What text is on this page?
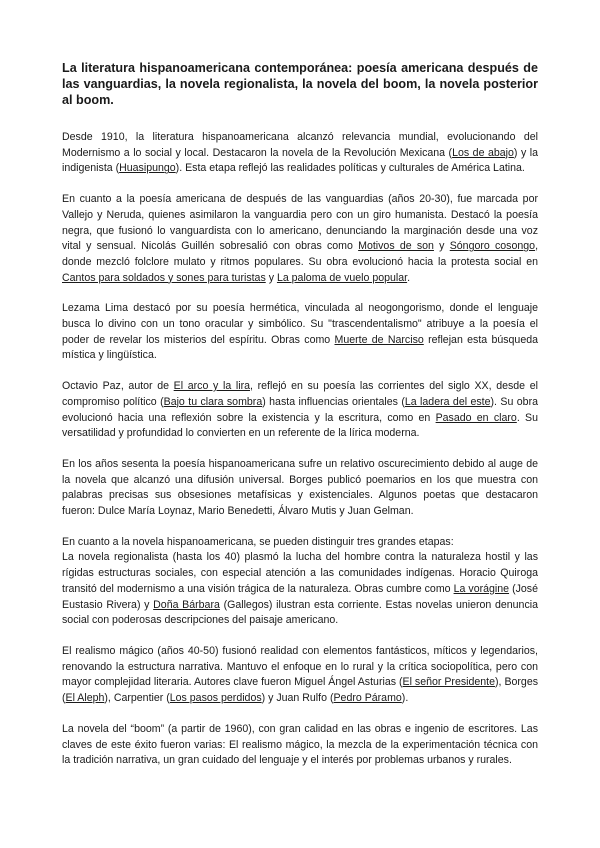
La literatura hispanoamericana contemporánea: poesía americana después de las vanguardias, la novela regionalista, la novela del boom, la novela posterior al boom.

Desde 1910, la literatura hispanoamericana alcanzó relevancia mundial, evolucionando del Modernismo a lo social y local. Destacaron la novela de la Revolución Mexicana (Los de abajo) y la indigenista (Huasipungo). Esta etapa reflejó las realidades políticas y culturales de América Latina.

En cuanto a la poesía americana de después de las vanguardias (años 20-30), fue marcada por Vallejo y Neruda, quienes asimilaron la vanguardia pero con un giro humanista. Destacó la poesía negra, que fusionó lo vanguardista con lo americano, denunciando la marginación desde una voz vital y sensual. Nicolás Guillén sobresalió con obras como Motivos de son y Sóngoro cosongo, donde mezcló folclore mulato y ritmos populares. Su obra evolucionó hacia la protesta social en Cantos para soldados y sones para turistas y La paloma de vuelo popular.

Lezama Lima destacó por su poesía hermética, vinculada al neogongorismo, donde el lenguaje busca lo divino con un tono oracular y simbólico. Su "trascendentalismo" atribuye a la poesía el poder de revelar los misterios del espíritu. Obras como Muerte de Narciso reflejan esta búsqueda mística y lingüística.

Octavio Paz, autor de El arco y la lira, reflejó en su poesía las corrientes del siglo XX, desde el compromiso político (Bajo tu clara sombra) hasta influencias orientales (La ladera del este). Su obra evolucionó hacia una reflexión sobre la existencia y la escritura, como en Pasado en claro. Su versatilidad y profundidad lo convierten en un referente de la lírica moderna.

En los años sesenta la poesía hispanoamericana sufre un relativo oscurecimiento debido al auge de la novela que alcanzó una difusión universal. Borges publicó poemarios en los que muestra con palabras precisas sus obsesiones metafísicas y existenciales. Algunos poetas que destacaron fueron: Dulce María Loynaz, Mario Benedetti, Álvaro Mutis y Juan Gelman.

En cuanto a la novela hispanoamericana, se pueden distinguir tres grandes etapas:

La novela regionalista (hasta los 40) plasmó la lucha del hombre contra la naturaleza hostil y las rígidas estructuras sociales, con especial atención a las comunidades indígenas. Horacio Quiroga transitó del modernismo a una visión trágica de la naturaleza. Obras cumbre como La vorágine (José Eustasio Rivera) y Doña Bárbara (Gallegos) ilustran esta corriente. Estas novelas unieron denuncia social con poderosas descripciones del paisaje americano.

El realismo mágico (años 40-50) fusionó realidad con elementos fantásticos, míticos y legendarios, renovando la estructura narrativa. Mantuvo el enfoque en lo rural y la crítica sociopolítica, pero con mayor complejidad literaria. Autores clave fueron Miguel Ángel Asturias (El señor Presidente), Borges (El Aleph), Carpentier (Los pasos perdidos) y Juan Rulfo (Pedro Páramo).

La novela del “boom” (a partir de 1960), con gran calidad en las obras e ingenio de escritores. Las claves de este éxito fueron varias: El realismo mágico, la mezcla de la experimentación técnica con la tradición narrativa, un gran cuidado del lenguaje y el interés por problemas urbanos y rurales.
